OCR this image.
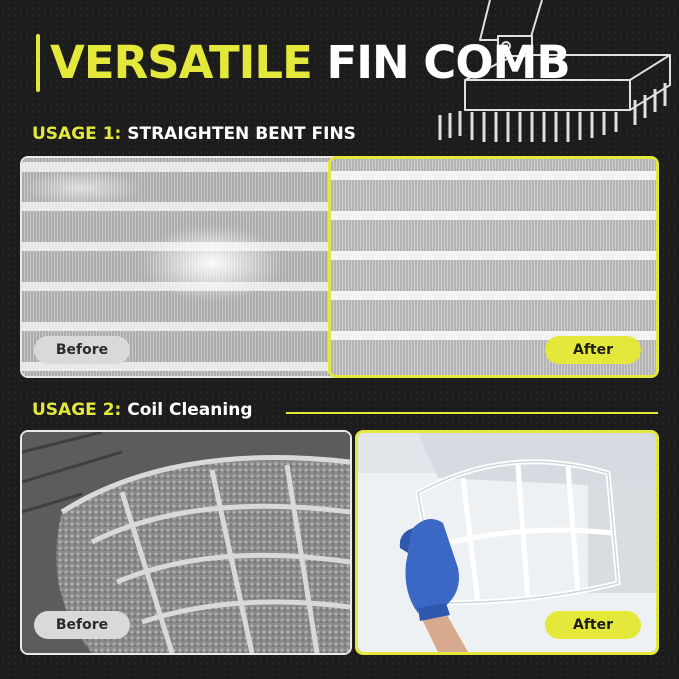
VERSATILE FIN COMB
USAGE 1: STRAIGHTEN BENT FINS
Before	After
USAGE 2: Coil Cleaning
Before	After
